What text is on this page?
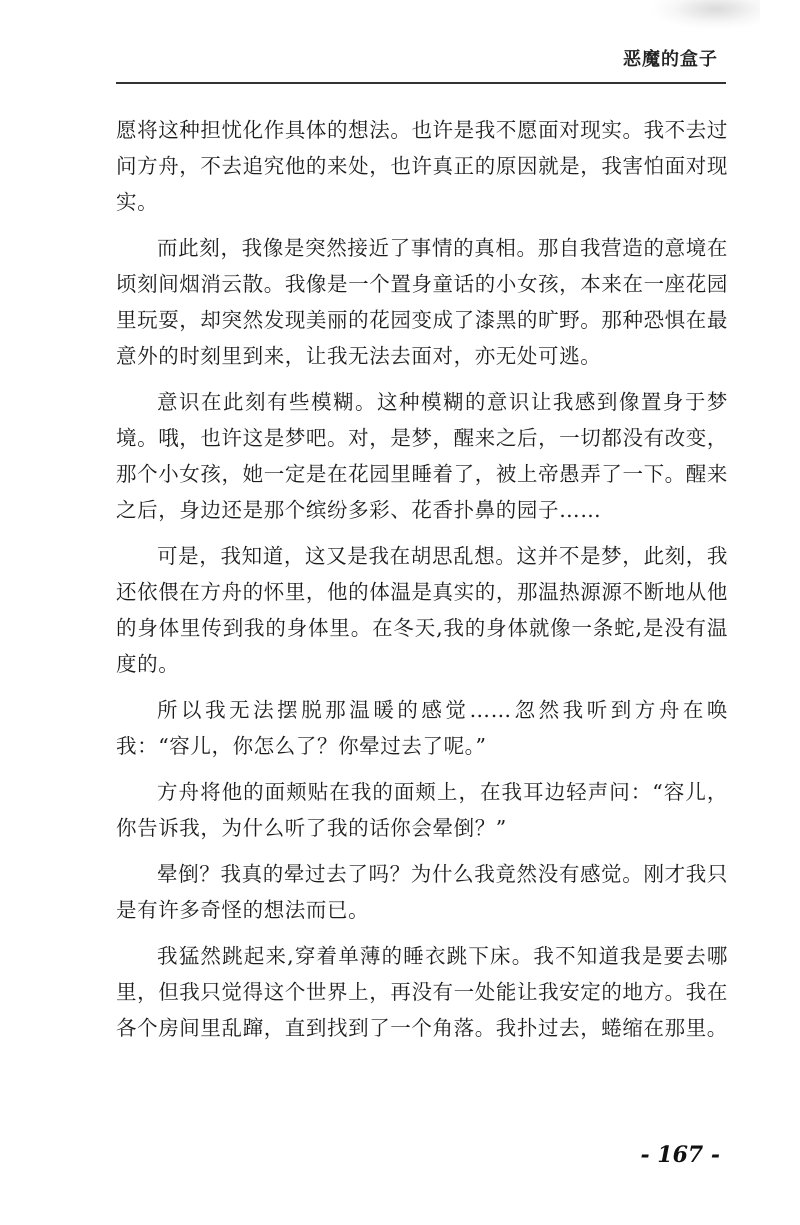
恶魔的盒子

愿将这种担忧化作具体的想法。也许是我不愿面对现实。我不去过问方舟，不去追究他的来处，也许真正的原因就是，我害怕面对现实。

而此刻，我像是突然接近了事情的真相。那自我营造的意境在顷刻间烟消云散。我像是一个置身童话的小女孩，本来在一座花园里玩耍，却突然发现美丽的花园变成了漆黑的旷野。那种恐惧在最意外的时刻里到来，让我无法去面对，亦无处可逃。

意识在此刻有些模糊。这种模糊的意识让我感到像置身于梦境。哦，也许这是梦吧。对，是梦，醒来之后，一切都没有改变，那个小女孩，她一定是在花园里睡着了，被上帝愚弄了一下。醒来之后，身边还是那个缤纷多彩、花香扑鼻的园子……

可是，我知道，这又是我在胡思乱想。这并不是梦，此刻，我还依偎在方舟的怀里，他的体温是真实的，那温热源源不断地从他的身体里传到我的身体里。在冬天,我的身体就像一条蛇,是没有温度的。

所以我无法摆脱那温暖的感觉……忽然我听到方舟在唤我：“容儿，你怎么了？你晕过去了呢。”

方舟将他的面颊贴在我的面颊上，在我耳边轻声问：“容儿，你告诉我，为什么听了我的话你会晕倒？”

晕倒？我真的晕过去了吗？为什么我竟然没有感觉。刚才我只是有许多奇怪的想法而已。

我猛然跳起来,穿着单薄的睡衣跳下床。我不知道我是要去哪里，但我只觉得这个世界上，再没有一处能让我安定的地方。我在各个房间里乱蹿，直到找到了一个角落。我扑过去，蜷缩在那里。

- 167 -
